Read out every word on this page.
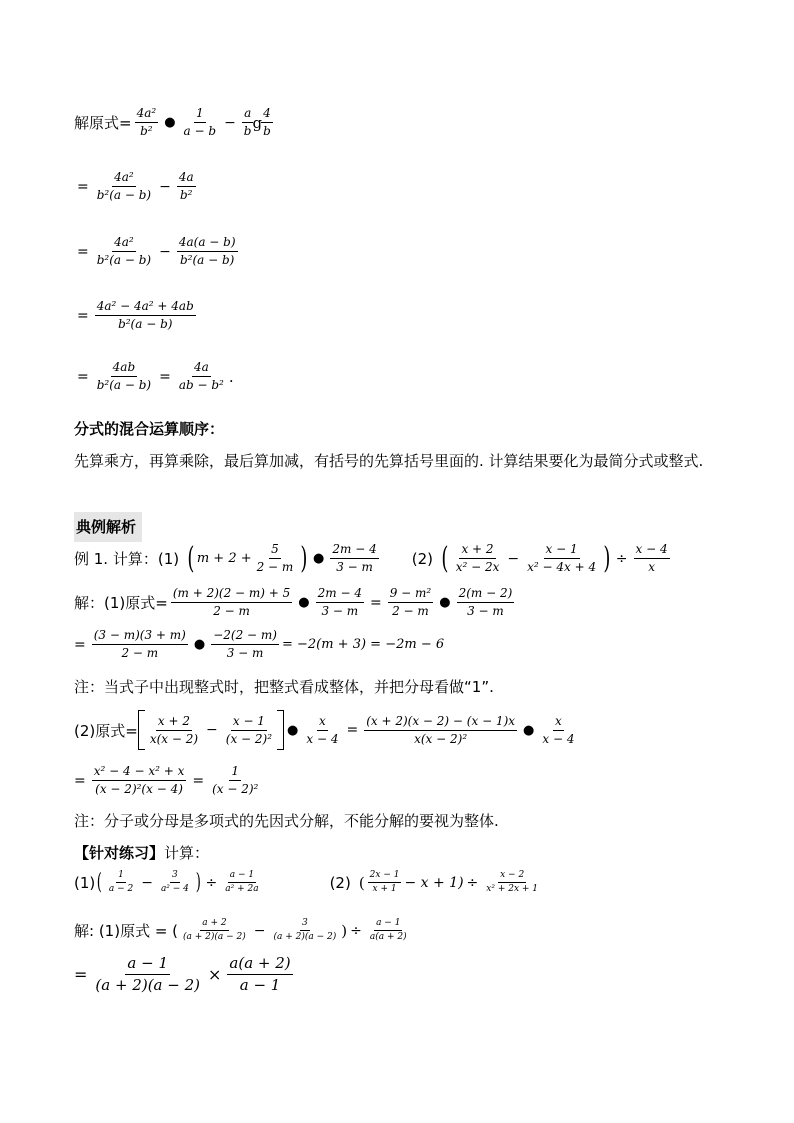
解原式= $\frac{\text{4a²}}{\text{b²}}$ ● $\frac{1}{a - b} - \frac{a}{b}$ g $\frac{4}{b}$
= $\frac{\text{4a²}}{\text{b²(a − b)}} - \frac{4a}{\text{b²}}$
= $\frac{\text{4a²}}{\text{b²(a − b)}} - \frac{4a(a - b)}{\text{b²(a − b)}}$
= $\frac{\text{4a² − 4a² + 4ab}}{\text{b²(a − b)}}$
= $\frac{4ab}{\text{b²(a − b)}} = \frac{4a}{\text{ab − b²}}$ .
分式的混合运算顺序：
先算乘方，再算乘除，最后算加减，有括号的先算括号里面的. 计算结果要化为最简分式或整式.
典例解析
例 1. 计算：(1) ( $m + 2 + \frac{5}{2 - m}$ ) ● $\frac{2m - 4}{3 - m} (2)$ ( $\frac{x + 2}{\text{x² − 2x}} - \frac{x - 1}{\text{x² − 4x + 4}}$ ) ÷ $\frac{x - 4}{x}$
解：(1)原式= $\frac{(m + 2)(2 - m) + 5}{2 - m}$ ● $\frac{2m - 4}{3 - m} = \frac{\text{9 − m²}}{2 - m}$ ● $\frac{2(m - 2)}{3 - m}$
= $\frac{(3 - m)(3 + m)}{2 - m}$ ● $\frac{-2(2 - m)}{3 - m} = -2(m + 3) = -2m - 6$
注：当式子中出现整式时，把整式看成整体，并把分母看做“1”.
(2)原式= $\frac{x + 2}{x(x - 2)} - \frac{x - 1}{\text{(x − 2)²}}$ ● $\frac{x}{x - 4} = \frac{(x + 2)(x - 2) - (x - 1)x}{\text{x(x − 2)²}}$ ● $\frac{x}{x - 4}$
= $\frac{\text{x² − 4 − x² + x}}{\text{(x − 2)²(x − 4)}} = \frac{1}{\text{(x − 2)²}}$
注：分子或分母是多项式的先因式分解，不能分解的要视为整体.
【针对练习】计算：
(1) ( $\frac{1}{a - 2} - \frac{3}{\text{a² − 4}}$ ) ÷ $\frac{a - 1}{\text{a² + 2a}}$	(2) ( $\frac{2x - 1}{x + 1} - x + 1) \div \frac{x - 2}{\text{x² + 2x + 1}}$
解: (1)原式 = ( $\frac{a + 2}{(a + 2)(a - 2)} - \frac{3}{(a + 2)(a - 2)}$ ) ÷ $\frac{a - 1}{a(a + 2)}$
= $\frac{a - 1}{(a + 2)(a - 2)} \times \frac{a(a + 2)}{a - 1}$
